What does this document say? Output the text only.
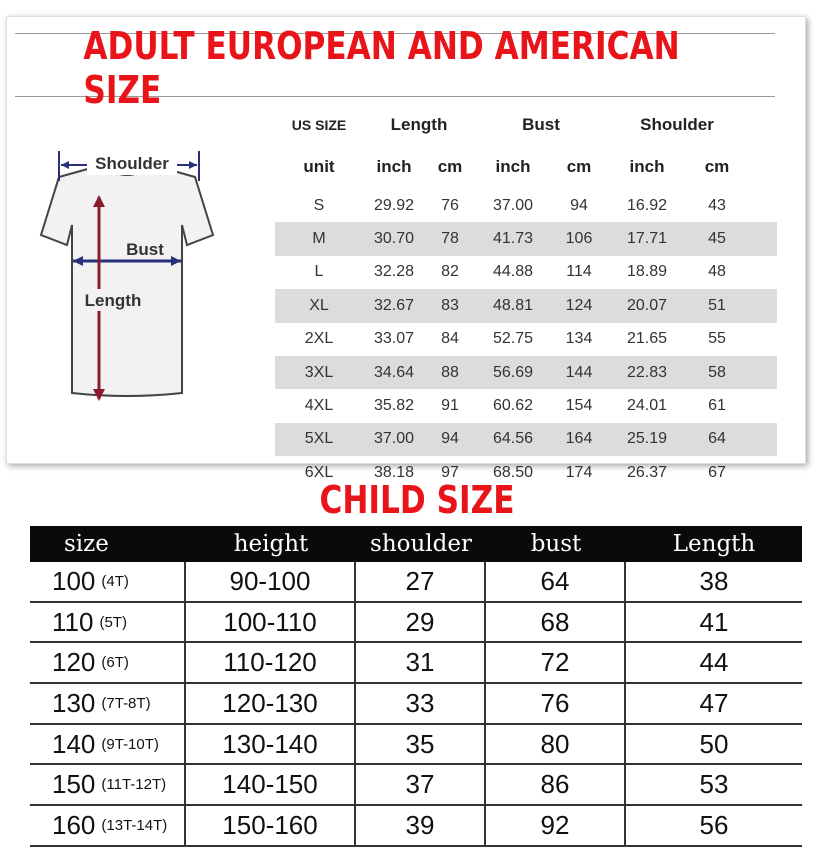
ADULT EUROPEAN AND AMERICAN SIZE
Shoulder
Bust
Length
US SIZE	Length	Bust	Shoulder
unit	inch	cm	inch	cm	inch	cm
S	29.92	76	37.00	94	16.92	43
M	30.70	78	41.73	106	17.71	45
L	32.28	82	44.88	114	18.89	48
XL	32.67	83	48.81	124	20.07	51
2XL	33.07	84	52.75	134	21.65	55
3XL	34.64	88	56.69	144	22.83	58
4XL	35.82	91	60.62	154	24.01	61
5XL	37.00	94	64.56	164	25.19	64
6XL	38.18	97	68.50	174	26.37	67
CHILD SIZE
size	height	shoulder	bust	Length
100 (4T)	90-100	27	64	38
110 (5T)	100-110	29	68	41
120 (6T)	110-120	31	72	44
130 (7T-8T)	120-130	33	76	47
140 (9T-10T)	130-140	35	80	50
150 (11T-12T)	140-150	37	86	53
160 (13T-14T)	150-160	39	92	56
